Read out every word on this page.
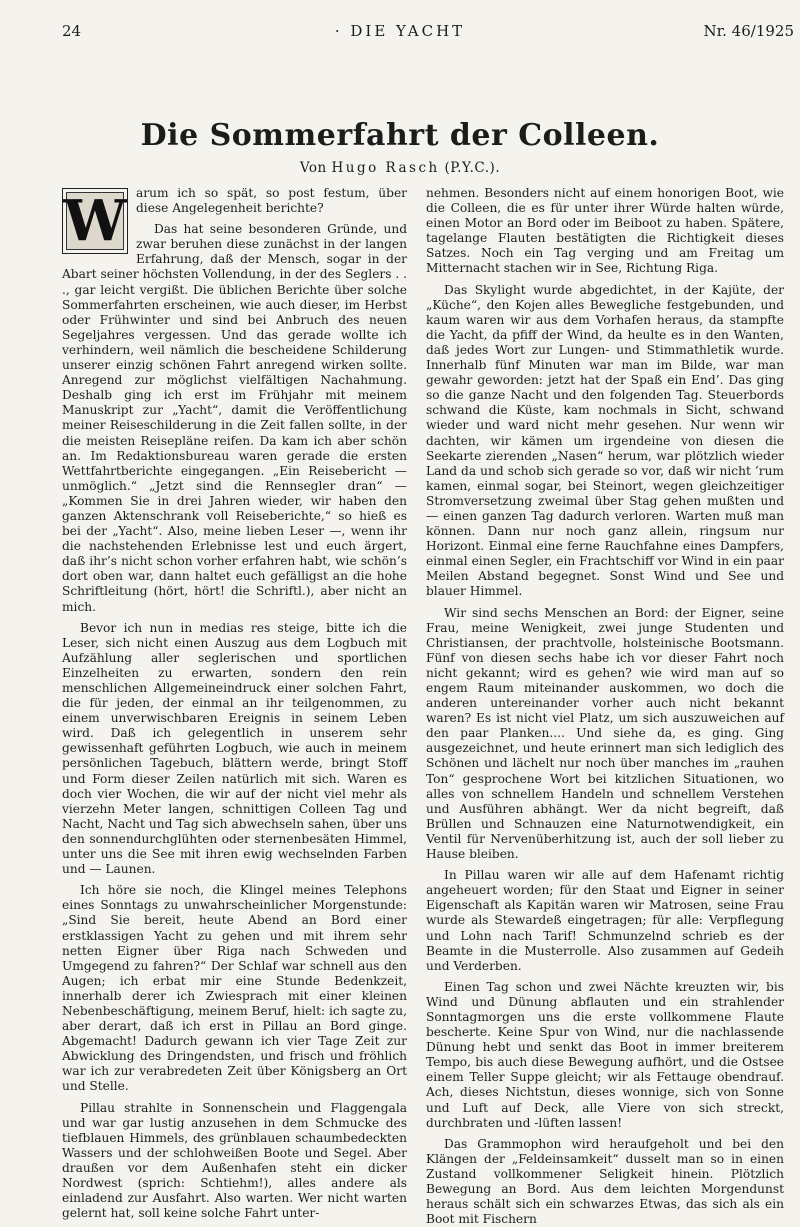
24	· DIE YACHT	Nr. 46/1925
Die Sommerfahrt der Colleen.
Von Hugo Rasch (P.Y.C.).

W arum ich so spät, so post festum, über diese Angelegenheit berichte?

Das hat seine besonderen Gründe, und zwar beruhen diese zunächst in der langen Erfahrung, daß der Mensch, sogar in der Abart seiner höchsten Vollendung, in der des Seglers . . ., gar leicht vergißt. Die üblichen Berichte über solche Sommerfahrten erscheinen, wie auch dieser, im Herbst oder Frühwinter und sind bei Anbruch des neuen Segeljahres vergessen. Und das gerade wollte ich verhindern, weil nämlich die bescheidene Schilderung unserer einzig schönen Fahrt anregend wirken sollte. Anregend zur möglichst vielfältigen Nachahmung. Deshalb ging ich erst im Frühjahr mit meinem Manuskript zur „Yacht“, damit die Veröffentlichung meiner Reiseschilderung in die Zeit fallen sollte, in der die meisten Reisepläne reifen. Da kam ich aber schön an. Im Redaktionsbureau waren gerade die ersten Wettfahrtberichte eingegangen. „Ein Reisebericht — unmöglich.“ „Jetzt sind die Rennsegler dran“ — „Kommen Sie in drei Jahren wieder, wir haben den ganzen Aktenschrank voll Reiseberichte,“ so hieß es bei der „Yacht“. Also, meine lieben Leser —, wenn ihr die nachstehenden Erlebnisse lest und euch ärgert, daß ihr’s nicht schon vorher erfahren habt, wie schön’s dort oben war, dann haltet euch gefälligst an die hohe Schriftleitung (hört, hört! die Schriftl.), aber nicht an mich.

Bevor ich nun in medias res steige, bitte ich die Leser, sich nicht einen Auszug aus dem Logbuch mit Aufzählung aller seglerischen und sportlichen Einzelheiten zu erwarten, sondern den rein menschlichen Allgemeineindruck einer solchen Fahrt, die für jeden, der einmal an ihr teilgenommen, zu einem unverwischbaren Ereignis in seinem Leben wird. Daß ich gelegentlich in unserem sehr gewissenhaft geführten Logbuch, wie auch in meinem persönlichen Tagebuch, blättern werde, bringt Stoff und Form dieser Zeilen natürlich mit sich. Waren es doch vier Wochen, die wir auf der nicht viel mehr als vierzehn Meter langen, schnittigen Colleen Tag und Nacht, Nacht und Tag sich abwechseln sahen, über uns den sonnendurchglühten oder sternenbesäten Himmel, unter uns die See mit ihren ewig wechselnden Farben und — Launen.

Ich höre sie noch, die Klingel meines Telephons eines Sonntags zu unwahrscheinlicher Morgenstunde: „Sind Sie bereit, heute Abend an Bord einer erstklassigen Yacht zu gehen und mit ihrem sehr netten Eigner über Riga nach Schweden und Umgegend zu fahren?“ Der Schlaf war schnell aus den Augen; ich erbat mir eine Stunde Bedenkzeit, innerhalb derer ich Zwiesprach mit einer kleinen Nebenbeschäftigung, meinem Beruf, hielt: ich sagte zu, aber derart, daß ich erst in Pillau an Bord ginge. Abgemacht! Dadurch gewann ich vier Tage Zeit zur Abwicklung des Dringendsten, und frisch und fröhlich war ich zur verabredeten Zeit über Königsberg an Ort und Stelle.

Pillau strahlte in Sonnenschein und Flaggengala und war gar lustig anzusehen in dem Schmucke des tiefblauen Himmels, des grünblauen schaumbedeckten Wassers und der schlohweißen Boote und Segel. Aber draußen vor dem Außenhafen steht ein dicker Nordwest (sprich: Schtiehm!), alles andere als einladend zur Ausfahrt. Also warten. Wer nicht warten gelernt hat, soll keine solche Fahrt unter-

nehmen. Besonders nicht auf einem honorigen Boot, wie die Colleen, die es für unter ihrer Würde halten würde, einen Motor an Bord oder im Beiboot zu haben. Spätere, tagelange Flauten bestätigten die Richtigkeit dieses Satzes. Noch ein Tag verging und am Freitag um Mitternacht stachen wir in See, Richtung Riga.

Das Skylight wurde abgedichtet, in der Kajüte, der „Küche“, den Kojen alles Bewegliche festgebunden, und kaum waren wir aus dem Vorhafen heraus, da stampfte die Yacht, da pfiff der Wind, da heulte es in den Wanten, daß jedes Wort zur Lungen- und Stimmathletik wurde. Innerhalb fünf Minuten war man im Bilde, war man gewahr geworden: jetzt hat der Spaß ein End’. Das ging so die ganze Nacht und den folgenden Tag. Steuerbords schwand die Küste, kam nochmals in Sicht, schwand wieder und ward nicht mehr gesehen. Nur wenn wir dachten, wir kämen um irgendeine von diesen die Seekarte zierenden „Nasen“ herum, war plötzlich wieder Land da und schob sich gerade so vor, daß wir nicht ’rum kamen, einmal sogar, bei Steinort, wegen gleichzeitiger Stromversetzung zweimal über Stag gehen mußten und — einen ganzen Tag dadurch verloren. Warten muß man können. Dann nur noch ganz allein, ringsum nur Horizont. Einmal eine ferne Rauchfahne eines Dampfers, einmal einen Segler, ein Frachtschiff vor Wind in ein paar Meilen Abstand begegnet. Sonst Wind und See und blauer Himmel.

Wir sind sechs Menschen an Bord: der Eigner, seine Frau, meine Wenigkeit, zwei junge Studenten und Christiansen, der prachtvolle, holsteinische Bootsmann. Fünf von diesen sechs habe ich vor dieser Fahrt noch nicht gekannt; wird es gehen? wie wird man auf so engem Raum miteinander auskommen, wo doch die anderen untereinander vorher auch nicht bekannt waren? Es ist nicht viel Platz, um sich auszuweichen auf den paar Planken.... Und siehe da, es ging. Ging ausgezeichnet, und heute erinnert man sich lediglich des Schönen und lächelt nur noch über manches im „rauhen Ton“ gesprochene Wort bei kitzlichen Situationen, wo alles von schnellem Handeln und schnellem Verstehen und Ausführen abhängt. Wer da nicht begreift, daß Brüllen und Schnauzen eine Naturnotwendigkeit, ein Ventil für Nervenüberhitzung ist, auch der soll lieber zu Hause bleiben.

In Pillau waren wir alle auf dem Hafenamt richtig angeheuert worden; für den Staat und Eigner in seiner Eigenschaft als Kapitän waren wir Matrosen, seine Frau wurde als Stewardeß eingetragen; für alle: Verpflegung und Lohn nach Tarif! Schmunzelnd schrieb es der Beamte in die Musterrolle. Also zusammen auf Gedeih und Verderben.

Einen Tag schon und zwei Nächte kreuzten wir, bis Wind und Dünung abflauten und ein strahlender Sonntagmorgen uns die erste vollkommene Flaute bescherte. Keine Spur von Wind, nur die nachlassende Dünung hebt und senkt das Boot in immer breiterem Tempo, bis auch diese Bewegung aufhört, und die Ostsee einem Teller Suppe gleicht; wir als Fettauge obendrauf. Ach, dieses Nichtstun, dieses wonnige, sich von Sonne und Luft auf Deck, alle Viere von sich streckt, durchbraten und -lüften lassen!

Das Grammophon wird heraufgeholt und bei den Klängen der „Feldeinsamkeit“ dusselt man so in einen Zustand vollkommener Seligkeit hinein. Plötzlich Bewegung an Bord. Aus dem leichten Morgendunst heraus schält sich ein schwarzes Etwas, das sich als ein Boot mit Fischern
